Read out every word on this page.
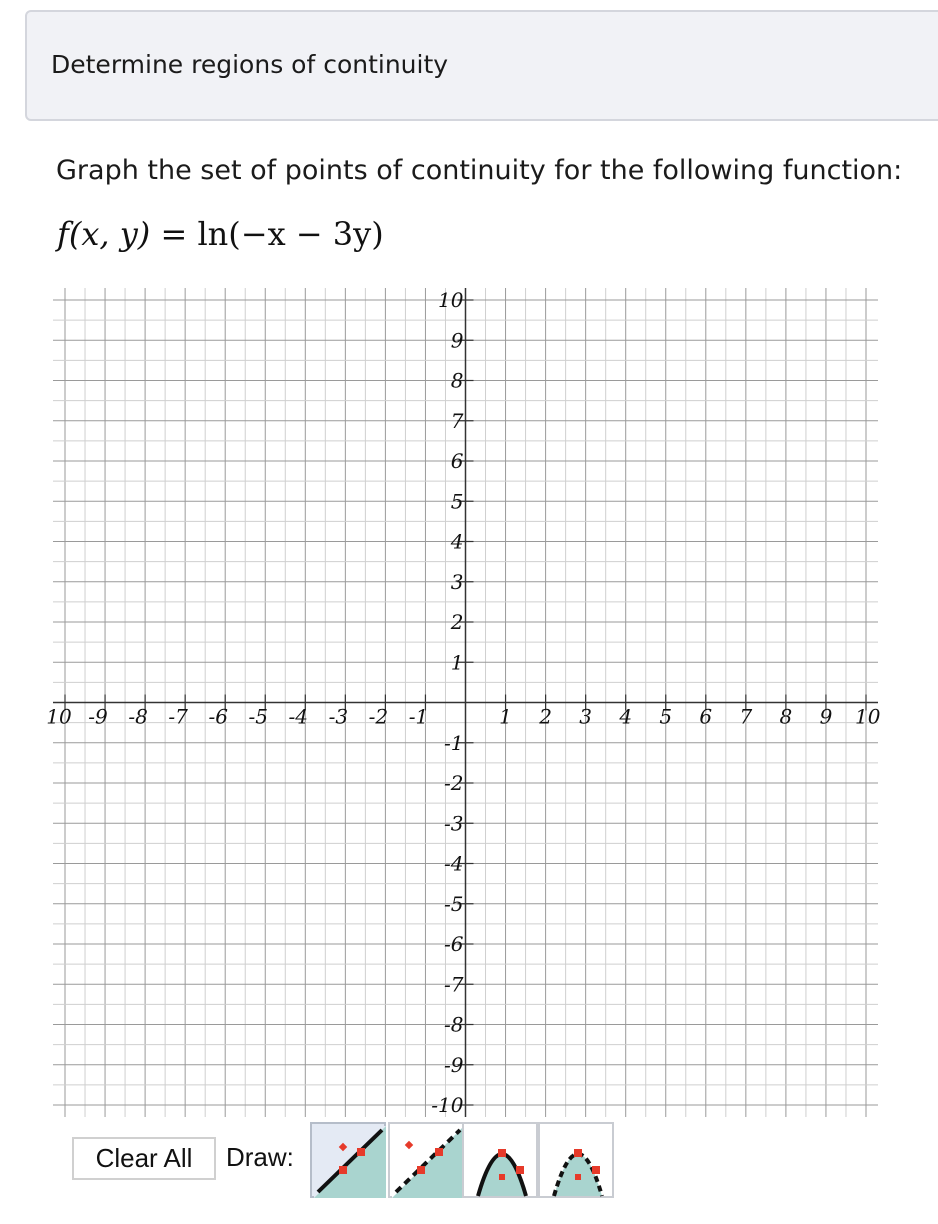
Determine regions of continuity
Graph the set of points of continuity for the following function:
f(x, y) = ln(−x − 3y)
10 -9 -8 -7 -6 -5 -4 -3 -2 -1	1 2 3 4 5 6 7 8 9 10
10
9
8
7
6
5
4
3
2
1
-1
-2
-3
-4
-5
-6
-7
-8
-9
-10
Clear All	Draw:
